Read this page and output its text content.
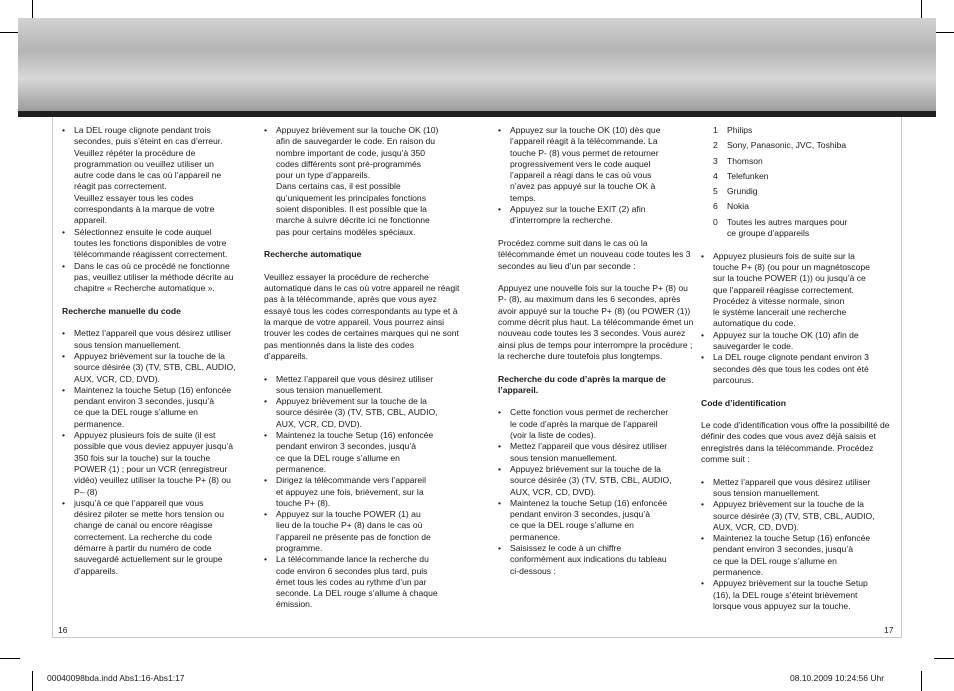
• La DEL rouge clignote pendant trois
secondes, puis s’éteint en cas d’erreur.
Veuillez répéter la procédure de
programmation ou veuillez utiliser un
autre code dans le cas où l’appareil ne
réagit pas correctement.
Veuillez essayer tous les codes
correspondants à la marque de votre
appareil.
• Sélectionnez ensuite le code auquel
toutes les fonctions disponibles de votre
télécommande réagissent correctement.
• Dans le cas où ce procédé ne fonctionne
pas, veuillez utiliser la méthode décrite au
chapitre « Recherche automatique ».

Recherche manuelle du code

• Mettez l’appareil que vous désirez utiliser
sous tension manuellement.
• Appuyez brièvement sur la touche de la
source désirée (3) (TV, STB, CBL, AUDIO,
AUX, VCR, CD, DVD).
• Maintenez la touche Setup (16) enfoncée
pendant environ 3 secondes, jusqu’à
ce que la DEL rouge s’allume en
permanence.
• Appuyez plusieurs fois de suite (il est
possible que vous deviez appuyer jusqu’à
350 fois sur la touche) sur la touche
POWER (1) ; pour un VCR (enregistreur
vidéo) veuillez utiliser la touche P+ (8) ou
P– (8)
• jusqu’à ce que l’appareil que vous
désirez piloter se mette hors tension ou
change de canal ou encore réagisse
correctement. La recherche du code
démarre à partir du numéro de code
sauvegardé actuellement sur le groupe
d’appareils.
• Appuyez brièvement sur la touche OK (10)
afin de sauvegarder le code. En raison du
nombre important de code, jusqu’à 350
codes différents sont pré-programmés
pour un type d’appareils.
Dans certains cas, il est possible
qu’uniquement les principales fonctions
soient disponibles. Il est possible que la
marche à suivre décrite ici ne fonctionne
pas pour certains modèles spéciaux.

Recherche automatique

Veuillez essayer la procédure de recherche automatique dans le cas où votre appareil ne réagit pas à la télécommande, après que vous ayez essayé tous les codes correspondants au type et à la marque de votre appareil. Vous pourrez ainsi trouver les codes de certaines marques qui ne sont pas mentionnés dans la liste des codes d’appareils.

• Mettez l’appareil que vous désirez utiliser
sous tension manuellement.
• Appuyez brièvement sur la touche de la
source désirée (3) (TV, STB, CBL, AUDIO,
AUX, VCR, CD, DVD).
• Maintenez la touche Setup (16) enfoncée
pendant environ 3 secondes, jusqu’à
ce que la DEL rouge s’allume en
permanence.
• Dirigez la télécommande vers l’appareil
et appuyez une fois, brièvement, sur la
touche P+ (8).
• Appuyez sur la touche POWER (1) au
lieu de la touche P+ (8) dans le cas où
l’appareil ne présente pas de fonction de
programme.
• La télécommande lance la recherche du
code environ 6 secondes plus tard, puis
émet tous les codes au rythme d’un par
seconde. La DEL rouge s’allume à chaque
émission.
• Appuyez sur la touche OK (10) dès que
l’appareil réagit à la télécommande. La
touche P- (8) vous permet de retourner
progressivement vers le code auquel
l’appareil a réagi dans le cas où vous
n’avez pas appuyé sur la touche OK à
temps.
• Appuyez sur la touche EXIT (2) afin
d’interrompre la recherche.

Procédez comme suit dans le cas où la télécommande émet un nouveau code toutes les 3 secondes au lieu d’un par seconde :

Appuyez une nouvelle fois sur la touche P+ (8) ou P- (8), au maximum dans les 6 secondes, après avoir appuyé sur la touche P+ (8) (ou POWER (1)) comme décrit plus haut. La télécommande émet un nouveau code toutes les 3 secondes. Vous aurez ainsi plus de temps pour interrompre la procédure ; la recherche dure toutefois plus longtemps.

Recherche du code d’après la marque de
l’appareil.

• Cette fonction vous permet de rechercher
le code d’après la marque de l’appareil
(voir la liste de codes).
• Mettez l’appareil que vous désirez utiliser
sous tension manuellement.
• Appuyez brièvement sur la touche de la
source désirée (3) (TV, STB, CBL, AUDIO,
AUX, VCR, CD, DVD).
• Maintenez la touche Setup (16) enfoncée
pendant environ 3 secondes, jusqu’à
ce que la DEL rouge s’allume en
permanence.
• Saisissez le code à un chiffre
conformément aux indications du tableau
ci-dessous :
1	Philips
2	Sony, Panasonic, JVC, Toshiba
3	Thomson
4	Telefunken
5	Grundig
6	Nokia
0	Toutes les autres marques pour
ce groupe d’appareils
• Appuyez plusieurs fois de suite sur la
touche P+ (8) (ou pour un magnétoscope
sur la touche POWER (1)) ou jusqu’à ce
que l’appareil réagisse correctement.
Procédez à vitesse normale, sinon
le système lancerait une recherche
automatique du code.
• Appuyez sur la touche OK (10) afin de
sauvegarder le code.
• La DEL rouge clignote pendant environ 3
secondes dès que tous les codes ont été
parcourus.

Code d’identification

Le code d’identification vous offre la possibilité de définir des codes que vous avez déjà saisis et enregistrés dans la télécommande. Procédez comme suit :

• Mettez l’appareil que vous désirez utiliser
sous tension manuellement.
• Appuyez brièvement sur la touche de la
source désirée (3) (TV, STB, CBL, AUDIO,
AUX, VCR, CD, DVD).
• Maintenez la touche Setup (16) enfoncée
pendant environ 3 secondes, jusqu’à
ce que la DEL rouge s’allume en
permanence.
• Appuyez brièvement sur la touche Setup
(16), la DEL rouge s’éteint brièvement
lorsque vous appuyez sur la touche.
16	17
00040098bda.indd Abs1:16-Abs1:17	08.10.2009 10:24:56 Uhr
